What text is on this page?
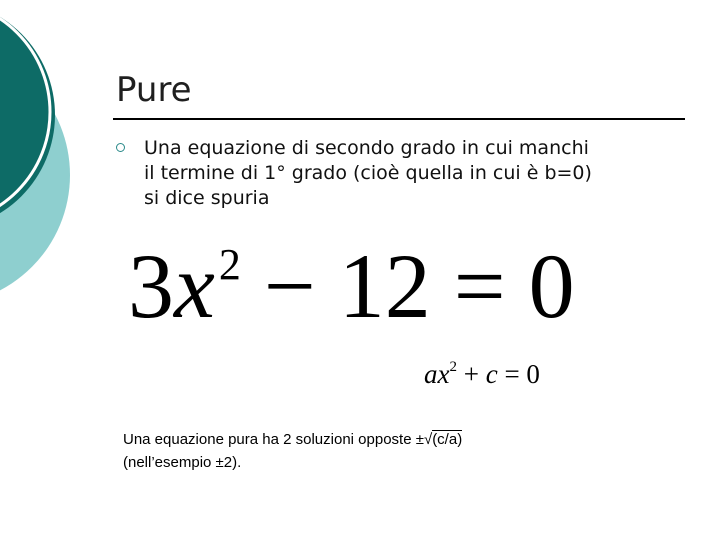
Pure
Una equazione di secondo grado in cui manchi il termine di 1° grado (cioè quella in cui è b=0) si dice spuria
$3x^2 - 12 = 0$
$ax^2 + c = 0$
Una equazione pura ha 2 soluzioni opposte ±√(c/a)
(nell’esempio ±2).
